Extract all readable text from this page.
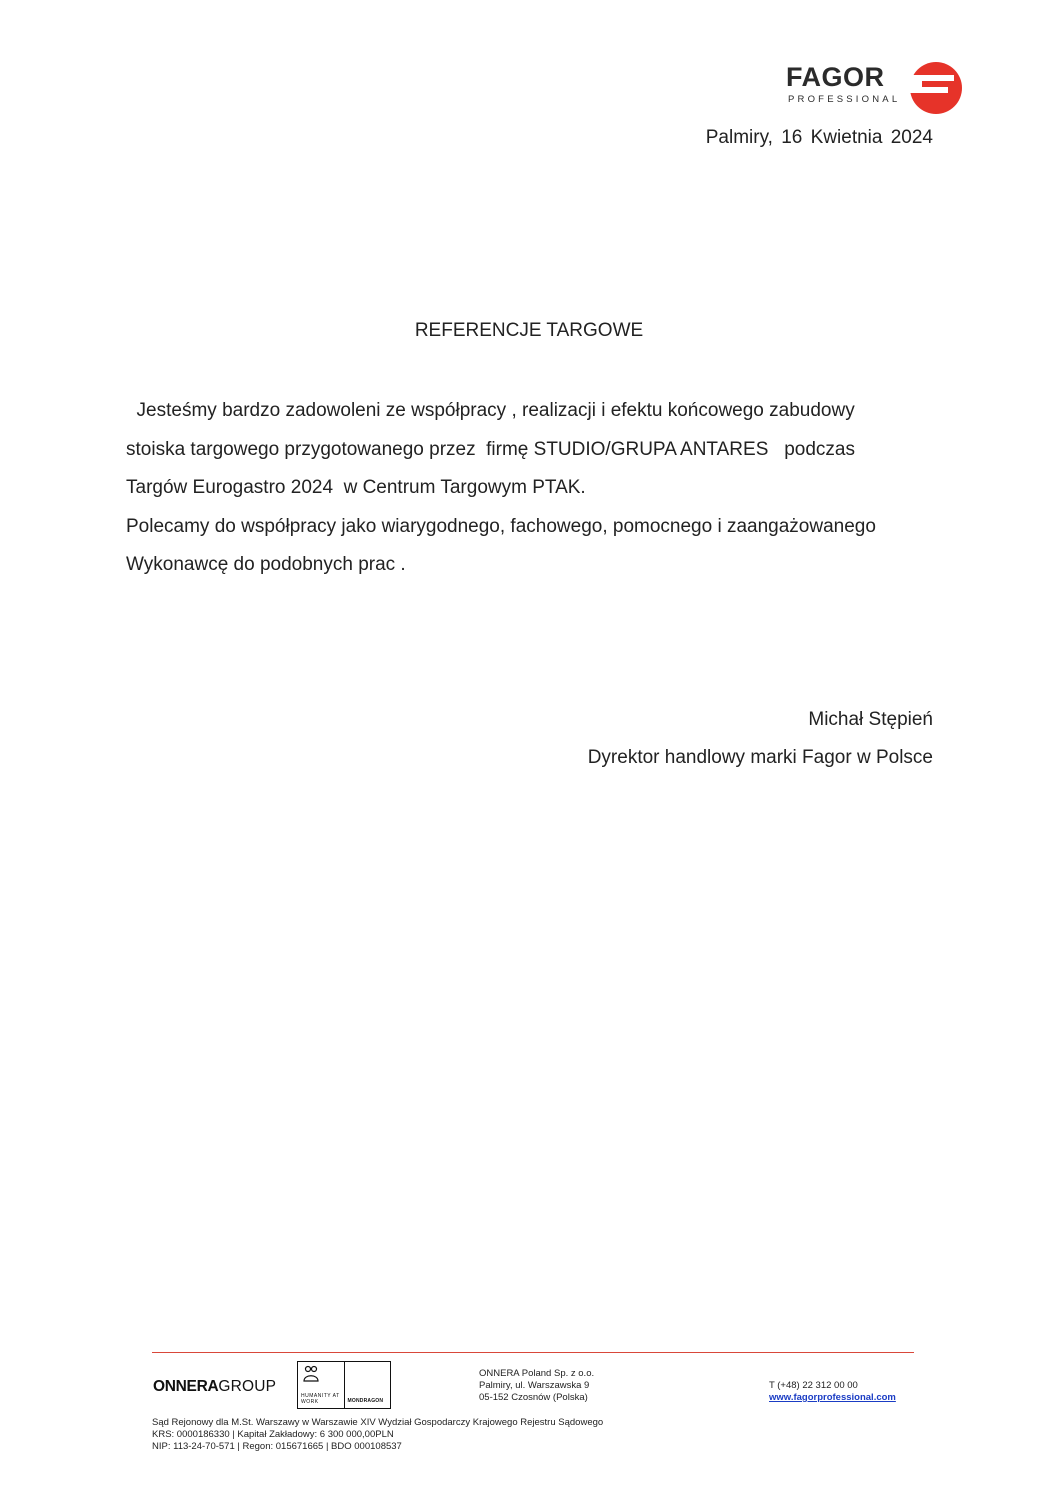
FAGOR
PROFESSIONAL
Palmiry, 16 Kwietnia 2024
REFERENCJE TARGOWE

Jesteśmy bardzo zadowoleni ze współpracy , realizacji i efektu końcowego zabudowy

stoiska targowego przygotowanego przez  firmę STUDIO/GRUPA ANTARES   podczas

Targów Eurogastro 2024  w Centrum Targowym PTAK.

Polecamy do współpracy jako wiarygodnego, fachowego, pomocnego i zaangażowanego

Wykonawcę do podobnych prac .

Michał Stępień
Dyrektor handlowy marki Fagor w Polsce
ONNERAGROUP
HUMANITY AT WORK	MONDRAGON
ONNERA Poland Sp. z o.o.
Palmiry, ul. Warszawska 9
05-152 Czosnów (Polska)
T (+48) 22 312 00 00
www.fagorprofessional.com
Sąd Rejonowy dla M.St. Warszawy w Warszawie XIV Wydział Gospodarczy Krajowego Rejestru Sądowego
KRS: 0000186330 | Kapitał Zakładowy: 6 300 000,00PLN
NIP: 113-24-70-571 | Regon: 015671665 | BDO 000108537
